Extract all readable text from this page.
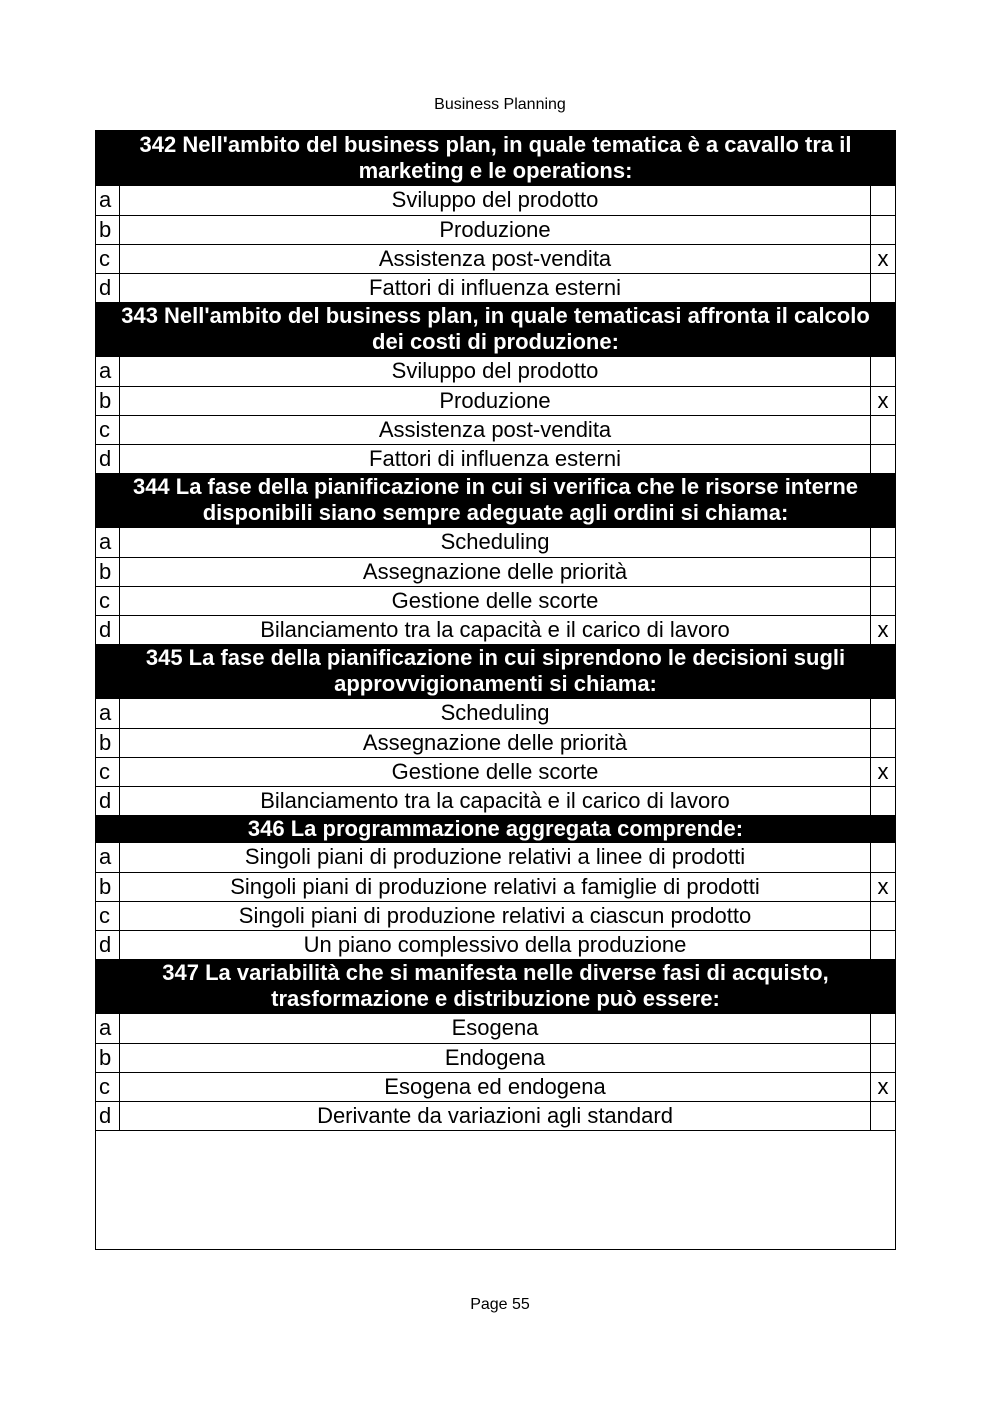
Business Planning
342 Nell'ambito del business plan, in quale tematica è a cavallo tra il marketing e le operations:
a	Sviluppo del prodotto
b	Produzione
c	Assistenza post-vendita	x
d	Fattori di influenza esterni
343 Nell'ambito del business plan, in quale tematicasi affronta il calcolo dei costi di produzione:
a	Sviluppo del prodotto
b	Produzione	x
c	Assistenza post-vendita
d	Fattori di influenza esterni
344 La fase della pianificazione in cui si verifica che le risorse interne disponibili siano sempre adeguate agli ordini si chiama:
a	Scheduling
b	Assegnazione delle priorità
c	Gestione delle scorte
d	Bilanciamento tra la capacità e il carico di lavoro	x
345 La fase della pianificazione in cui siprendono le decisioni sugli approvvigionamenti si chiama:
a	Scheduling
b	Assegnazione delle priorità
c	Gestione delle scorte	x
d	Bilanciamento tra la capacità e il carico di lavoro
346 La programmazione aggregata comprende:
a	Singoli piani di produzione relativi a linee di prodotti
b	Singoli piani di produzione relativi a famiglie di prodotti	x
c	Singoli piani di produzione relativi a ciascun prodotto
d	Un piano complessivo della produzione
347 La variabilità che si manifesta nelle diverse fasi di acquisto, trasformazione e distribuzione può essere:
a	Esogena
b	Endogena
c	Esogena ed endogena	x
d	Derivante da variazioni agli standard
Page 55
